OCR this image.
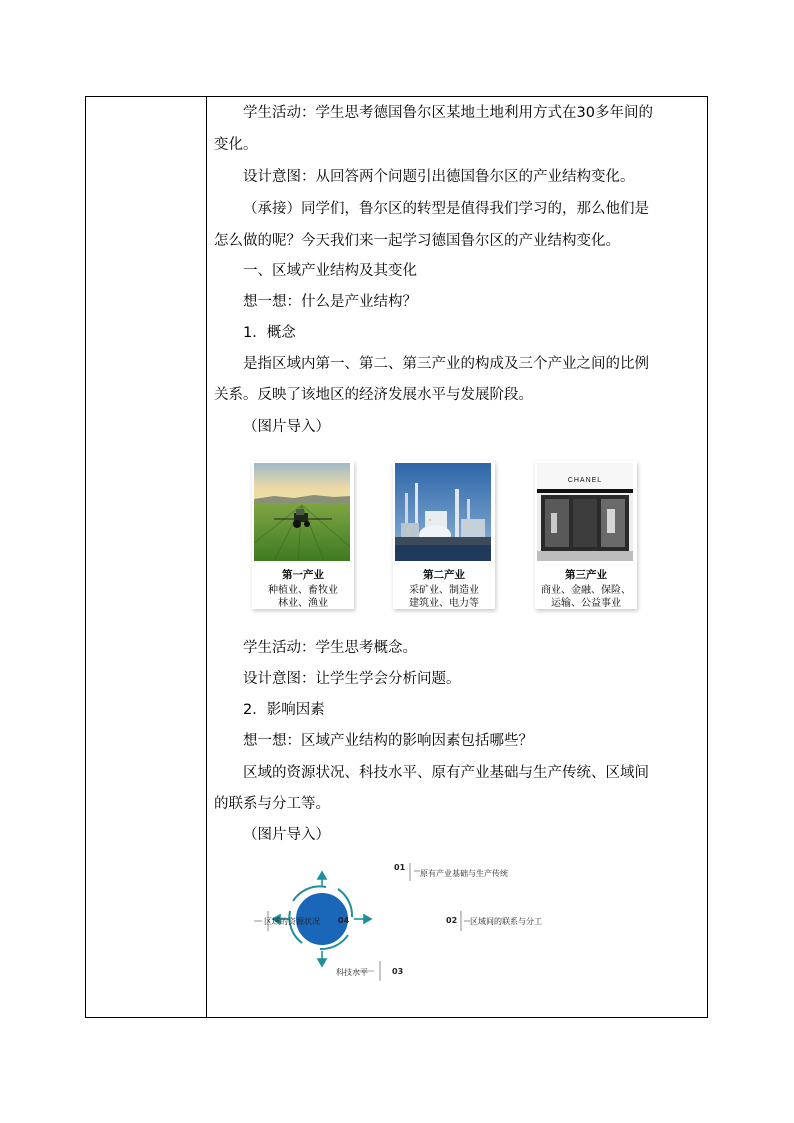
学生活动：学生思考德国鲁尔区某地土地利用方式在30多年间的
变化。
设计意图：从回答两个问题引出德国鲁尔区的产业结构变化。
（承接）同学们，鲁尔区的转型是值得我们学习的，那么他们是
怎么做的呢？今天我们来一起学习德国鲁尔区的产业结构变化。
一、区域产业结构及其变化
想一想：什么是产业结构？
1．概念
是指区域内第一、第二、第三产业的构成及三个产业之间的比例
关系。反映了该地区的经济发展水平与发展阶段。
（图片导入）
第一产业
种植业、畜牧业
林业、渔业
第二产业
采矿业、制造业
建筑业、电力等
CHANEL
第三产业
商业、金融、保险、
运输、公益事业
学生活动：学生思考概念。
设计意图：让学生学会分析问题。
2．影响因素
想一想：区域产业结构的影响因素包括哪些？
区域的资源状况、科技水平、原有产业基础与生产传统、区域间
的联系与分工等。
（图片导入）
影响
因素
01
原有产业基础与生产传统
02 区域间的联系与分工
03
科技水平
04
区域的资源状况
